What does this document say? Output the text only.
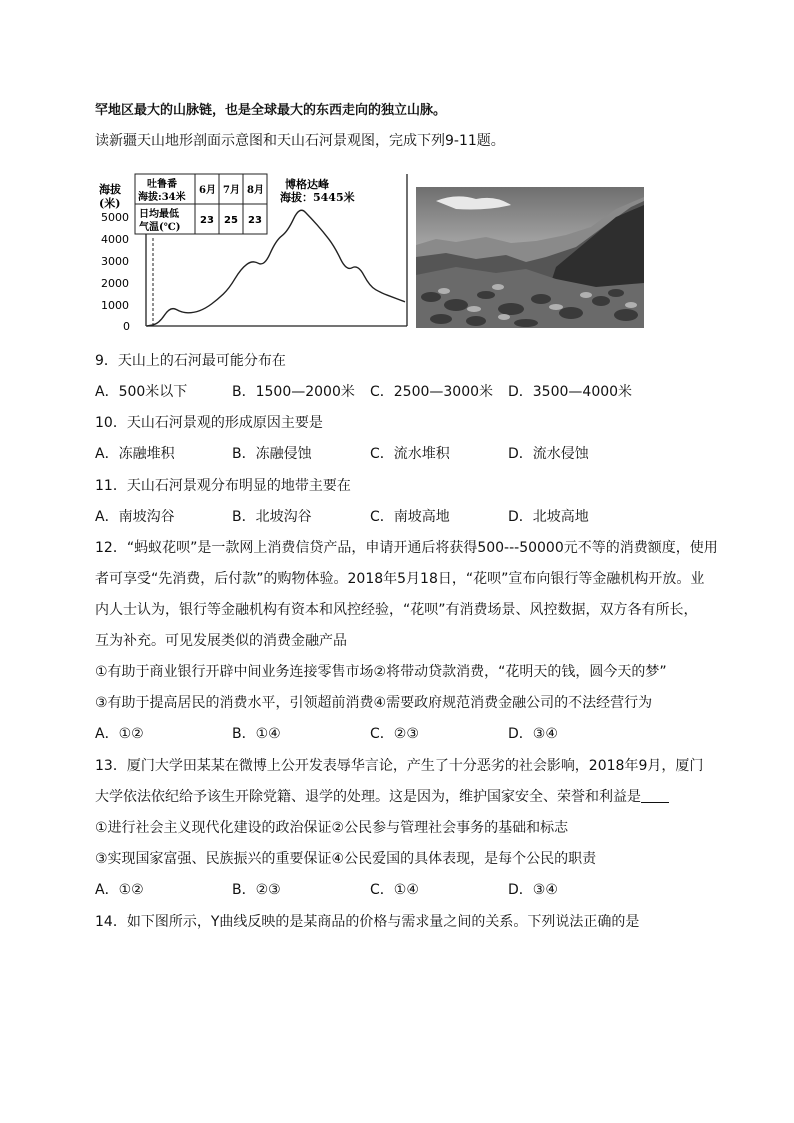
罕地区最大的山脉链，也是全球最大的东西走向的独立山脉。
读新疆天山地形剖面示意图和天山石河景观图，完成下列9-11题。
海拔
(米)
5000
4000
3000
2000
1000
0
吐鲁番
海拔:34米
6月 7月 8月
日均最低
气温(℃)
23 25 23
博格达峰
海拔：5445米
9．天山上的石河最可能分布在
A．500米以下	B．1500—2000米 C．2500—3000米 D．3500—4000米
10．天山石河景观的形成原因主要是
A．冻融堆积	B．冻融侵蚀	C．流水堆积	D．流水侵蚀
11．天山石河景观分布明显的地带主要在
A．南坡沟谷	B．北坡沟谷	C．南坡高地	D．北坡高地
12．“蚂蚁花呗”是一款网上消费信贷产品，申请开通后将获得500---50000元不等的消费额度，使用
者可享受“先消费，后付款”的购物体验。2018年5月18日，“花呗”宣布向银行等金融机构开放。业
内人士认为，银行等金融机构有资本和风控经验，“花呗”有消费场景、风控数据，双方各有所长，
互为补充。可见发展类似的消费金融产品
①有助于商业银行开辟中间业务连接零售市场②将带动贷款消费，“花明天的钱，圆今天的梦”
③有助于提高居民的消费水平，引领超前消费④需要政府规范消费金融公司的不法经营行为
A．①②	B．①④	C．②③	D．③④
13．厦门大学田某某在微博上公开发表辱华言论，产生了十分恶劣的社会影响，2018年9月，厦门
大学依法依纪给予该生开除党籍、退学的处理。这是因为，维护国家安全、荣誉和利益是
①进行社会主义现代化建设的政治保证②公民参与管理社会事务的基础和标志
③实现国家富强、民族振兴的重要保证④公民爱国的具体表现，是每个公民的职责
A．①②	B．②③	C．①④	D．③④
14．如下图所示，Y曲线反映的是某商品的价格与需求量之间的关系。下列说法正确的是
